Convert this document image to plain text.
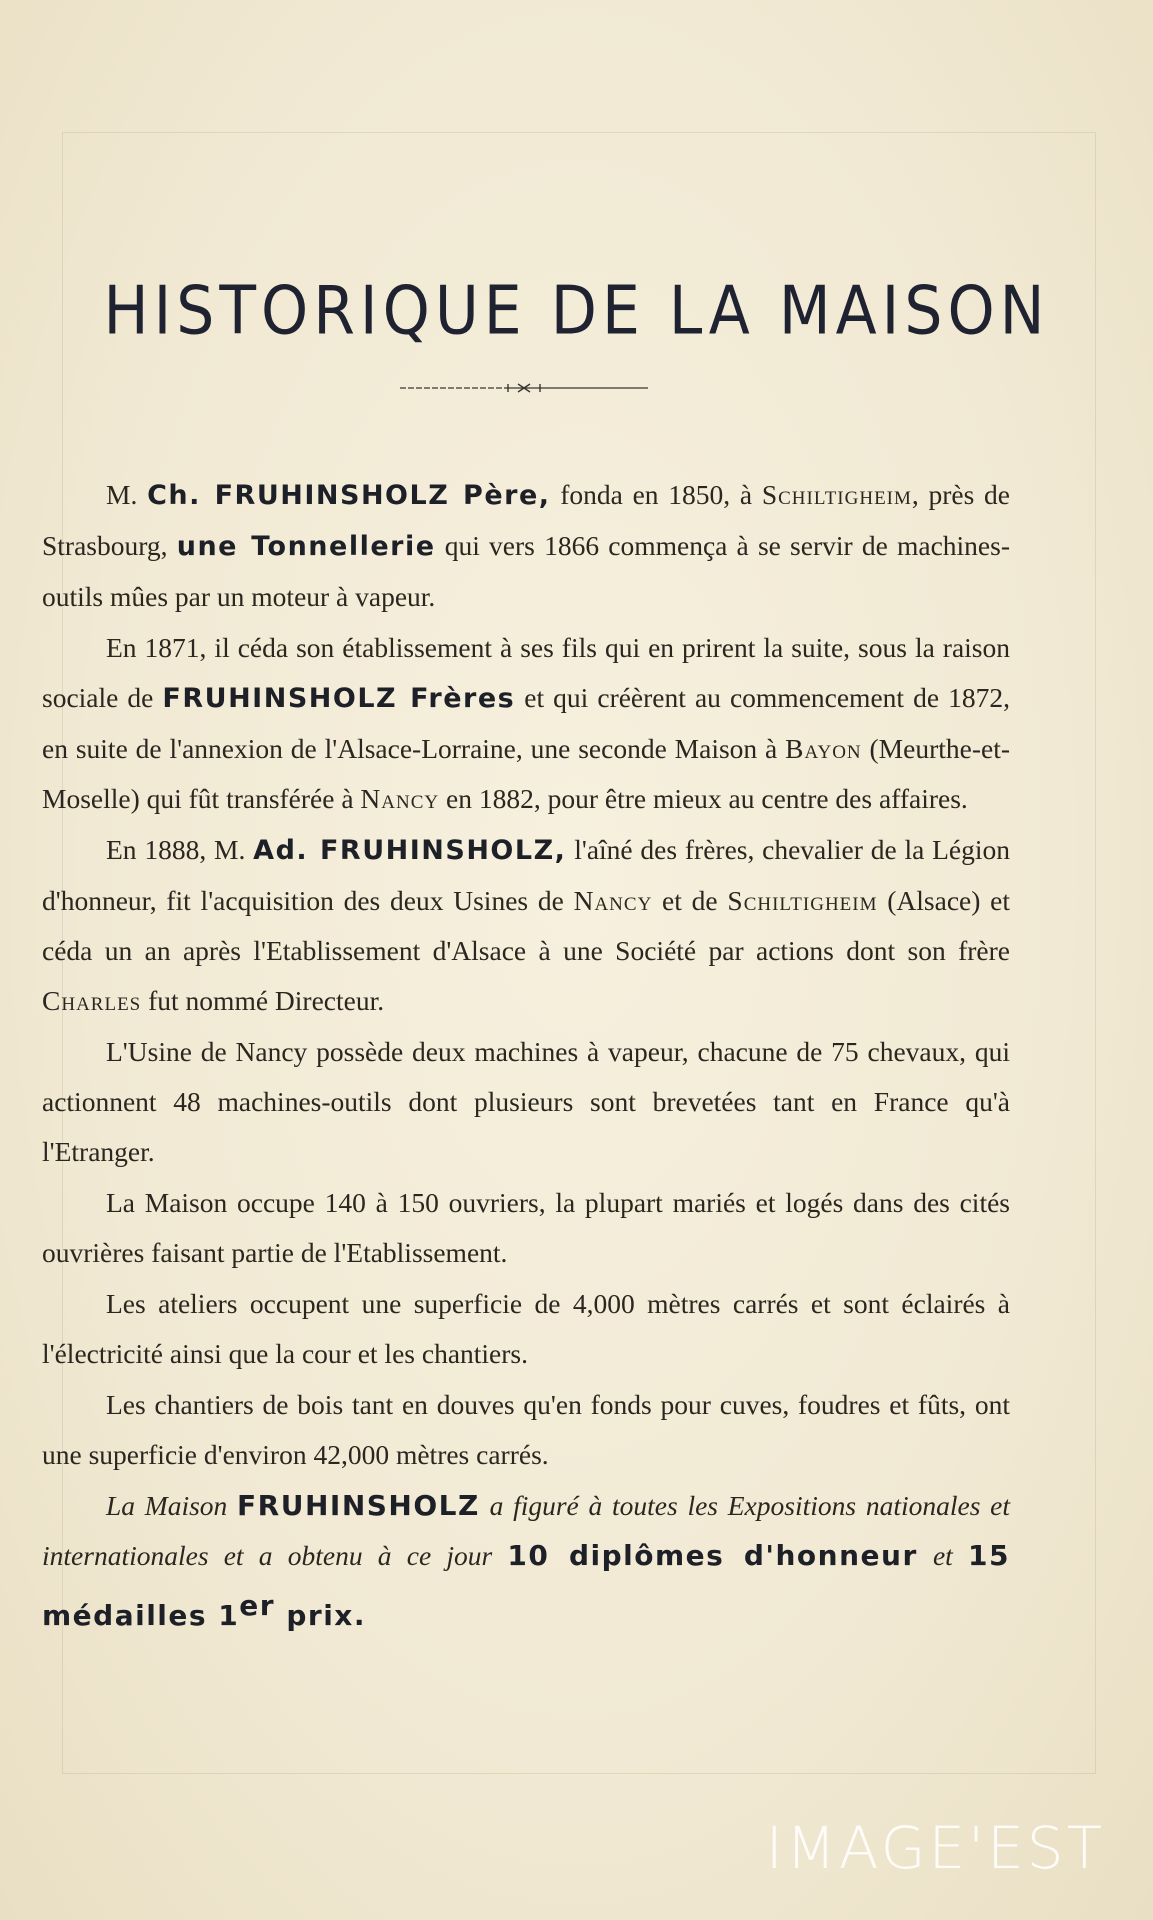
HISTORIQUE DE LA MAISON

M. Ch. FRUHINSHOLZ Père, fonda en 1850, à Schiltigheim, près de Strasbourg, une Tonnellerie qui vers 1866 commença à se servir de machines-outils mûes par un moteur à vapeur.

En 1871, il céda son établissement à ses fils qui en prirent la suite, sous la raison sociale de FRUHINSHOLZ Frères et qui créèrent au commencement de 1872, en suite de l'annexion de l'Alsace-Lorraine, une seconde Maison à Bayon (Meurthe-et-Moselle) qui fût transférée à Nancy en 1882, pour être mieux au centre des affaires.

En 1888, M. Ad. FRUHINSHOLZ, l'aîné des frères, chevalier de la Légion d'honneur, fit l'acquisition des deux Usines de Nancy et de Schiltigheim (Alsace) et céda un an après l'Etablissement d'Alsace à une Société par actions dont son frère Charles fut nommé Directeur.

L'Usine de Nancy possède deux machines à vapeur, chacune de 75 chevaux, qui actionnent 48 machines-outils dont plusieurs sont brevetées tant en France qu'à l'Etranger.

La Maison occupe 140 à 150 ouvriers, la plupart mariés et logés dans des cités ouvrières faisant partie de l'Etablissement.

Les ateliers occupent une superficie de 4,000 mètres carrés et sont éclairés à l'électricité ainsi que la cour et les chantiers.

Les chantiers de bois tant en douves qu'en fonds pour cuves, foudres et fûts, ont une superficie d'environ 42,000 mètres carrés.

La Maison FRUHINSHOLZ a figuré à toutes les Expositions nationales et internationales et a obtenu à ce jour 10 diplômes d'honneur et 15 médailles 1er prix.

IMAGE'EST
